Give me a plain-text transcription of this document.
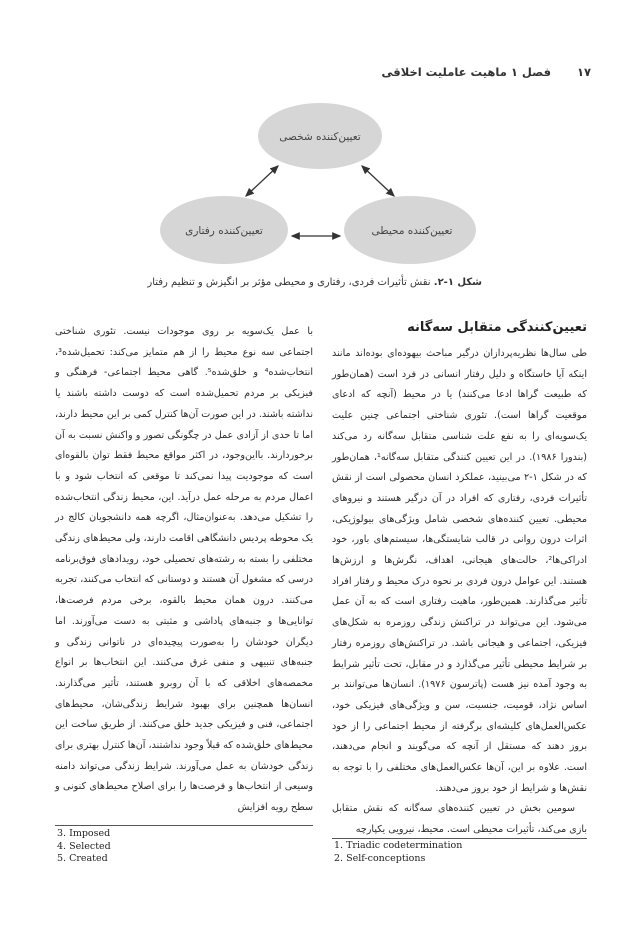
۱۷
فصل ۱ ماهیت عاملیت اخلاقی
تعیین‌کننده شخصی
تعیین‌کننده رفتاری	تعیین‌کننده محیطی
شکل ۱-۲. نقش تأثیرات فردی، رفتاری و محیطی مؤثر بر انگیزش و تنظیم رفتار
تعیین‌کنندگی متقابل سه‌گانه

طی سال‌ها نظریه‌پردازان درگیر مباحث بیهوده‌ای بوده‌اند مانند اینکه آیا خاستگاه و دلیل رفتار انسانی در فرد است (همان‌طور که طبیعت گراها ادعا می‌کنند) یا در محیط (آنچه که ادعای موقعیت گراها است). تئوری شناختی اجتماعی چنین علیت یک‌سویه‌ای را به نفع علت شناسی متقابل سه‌گانه رد می‌کند (بندورا ۱۹۸۶). در این تعیین کنندگی متقابل سه‌گانه¹، همان‌طور که در شکل ۱-۲ می‌بینید، عملکرد انسان محصولی است از نقش تأثیرات فردی، رفتاری که افراد در آن درگیر هستند و نیروهای محیطی. تعیین کننده‌های شخصی شامل ویژگی‌های بیولوژیکی، اثرات درون روانی در قالب شایستگی‌ها، سیستم‌های باور، خود ادراکی‌ها²، حالت‌های هیجانی، اهداف، نگرش‌ها و ارزش‌ها هستند. این عوامل درون فردی بر نحوه درک محیط و رفتار افراد تأثیر می‌گذارند. همین‌طور، ماهیت رفتاری است که به آن عمل می‌شود. این می‌تواند در تراکنش زندگی روزمره به شکل‌های فیزیکی، اجتماعی و هیجانی باشد. در تراکنش‌های روزمره رفتار بر شرایط محیطی تأثیر می‌گذارد و در مقابل، تحت تأثیر شرایط به وجود آمده نیز هست (پاترسون ۱۹۷۶). انسان‌ها می‌توانند بر اساس نژاد، قومیت، جنسیت، سن و ویژگی‌های فیزیکی خود، عکس‌العمل‌های کلیشه‌ای برگرفته از محیط اجتماعی را از خود بروز دهند که مستقل از آنچه که می‌گویند و انجام می‌دهند، است. علاوه بر این، آن‌ها عکس‌العمل‌های مختلفی را با توجه به نقش‌ها و شرایط از خود بروز می‌دهند.

سومین بخش در تعیین کننده‌های سه‌گانه که نقش متقابل بازی می‌کند، تأثیرات محیطی است. محیط، نیرویی یکپارچه

با عمل یک‌سویه بر روی موجودات نیست. تئوری شناختی اجتماعی سه نوع محیط را از هم متمایز می‌کند: تحمیل‌شده³، انتخاب‌شده⁴ و خلق‌شده⁵. گاهی محیط اجتماعی- فرهنگی و فیزیکی بر مردم تحمیل‌شده است که دوست داشته باشند یا نداشته باشند. در این صورت آن‌ها کنترل کمی بر این محیط دارند، اما تا حدی از آزادی عمل در چگونگی تصور و واکنش نسبت به آن برخوردارند. بااین‌وجود، در اکثر مواقع محیط فقط توان بالقوه‌ای است که موجودیت پیدا نمی‌کند تا موقعی که انتخاب شود و با اعمال مردم به مرحله عمل درآید. این، محیط زندگی انتخاب‌شده را تشکیل می‌دهد. به‌عنوان‌مثال، اگرچه همه دانشجویان کالج در یک محوطه پردیس دانشگاهی اقامت دارند، ولی محیط‌های زندگی مختلفی را بسته به رشته‌های تحصیلی خود، رویدادهای فوق‌برنامه درسی که مشغول آن هستند و دوستانی که انتخاب می‌کنند، تجربه می‌کنند. درون همان محیط بالقوه، برخی مردم فرصت‌ها، توانایی‌ها و جنبه‌های پاداشی و مثبتی به دست می‌آورند. اما دیگران خودشان را به‌صورت پیچیده‌ای در ناتوانی زندگی و جنبه‌های تنبیهی و منفی غرق می‌کنند. این انتخاب‌ها بر انواع مخمصه‌های اخلاقی که با آن روبرو هستند، تأثیر می‌گذارند. انسان‌ها همچنین برای بهبود شرایط زندگی‌شان، محیط‌های اجتماعی، فنی و فیزیکی جدید خلق می‌کنند. از طریق ساخت این محیط‌های خلق‌شده که قبلاً وجود نداشتند، آن‌ها کنترل بهتری برای زندگی خودشان به عمل می‌آورند. شرایط زندگی می‌تواند دامنه وسیعی از انتخاب‌ها و فرصت‌ها را برای اصلاح محیط‌های کنونی و سطح رویه افزایش

3. Imposed
4. Selected
5. Created
1. Triadic codetermination
2. Self-conceptions
